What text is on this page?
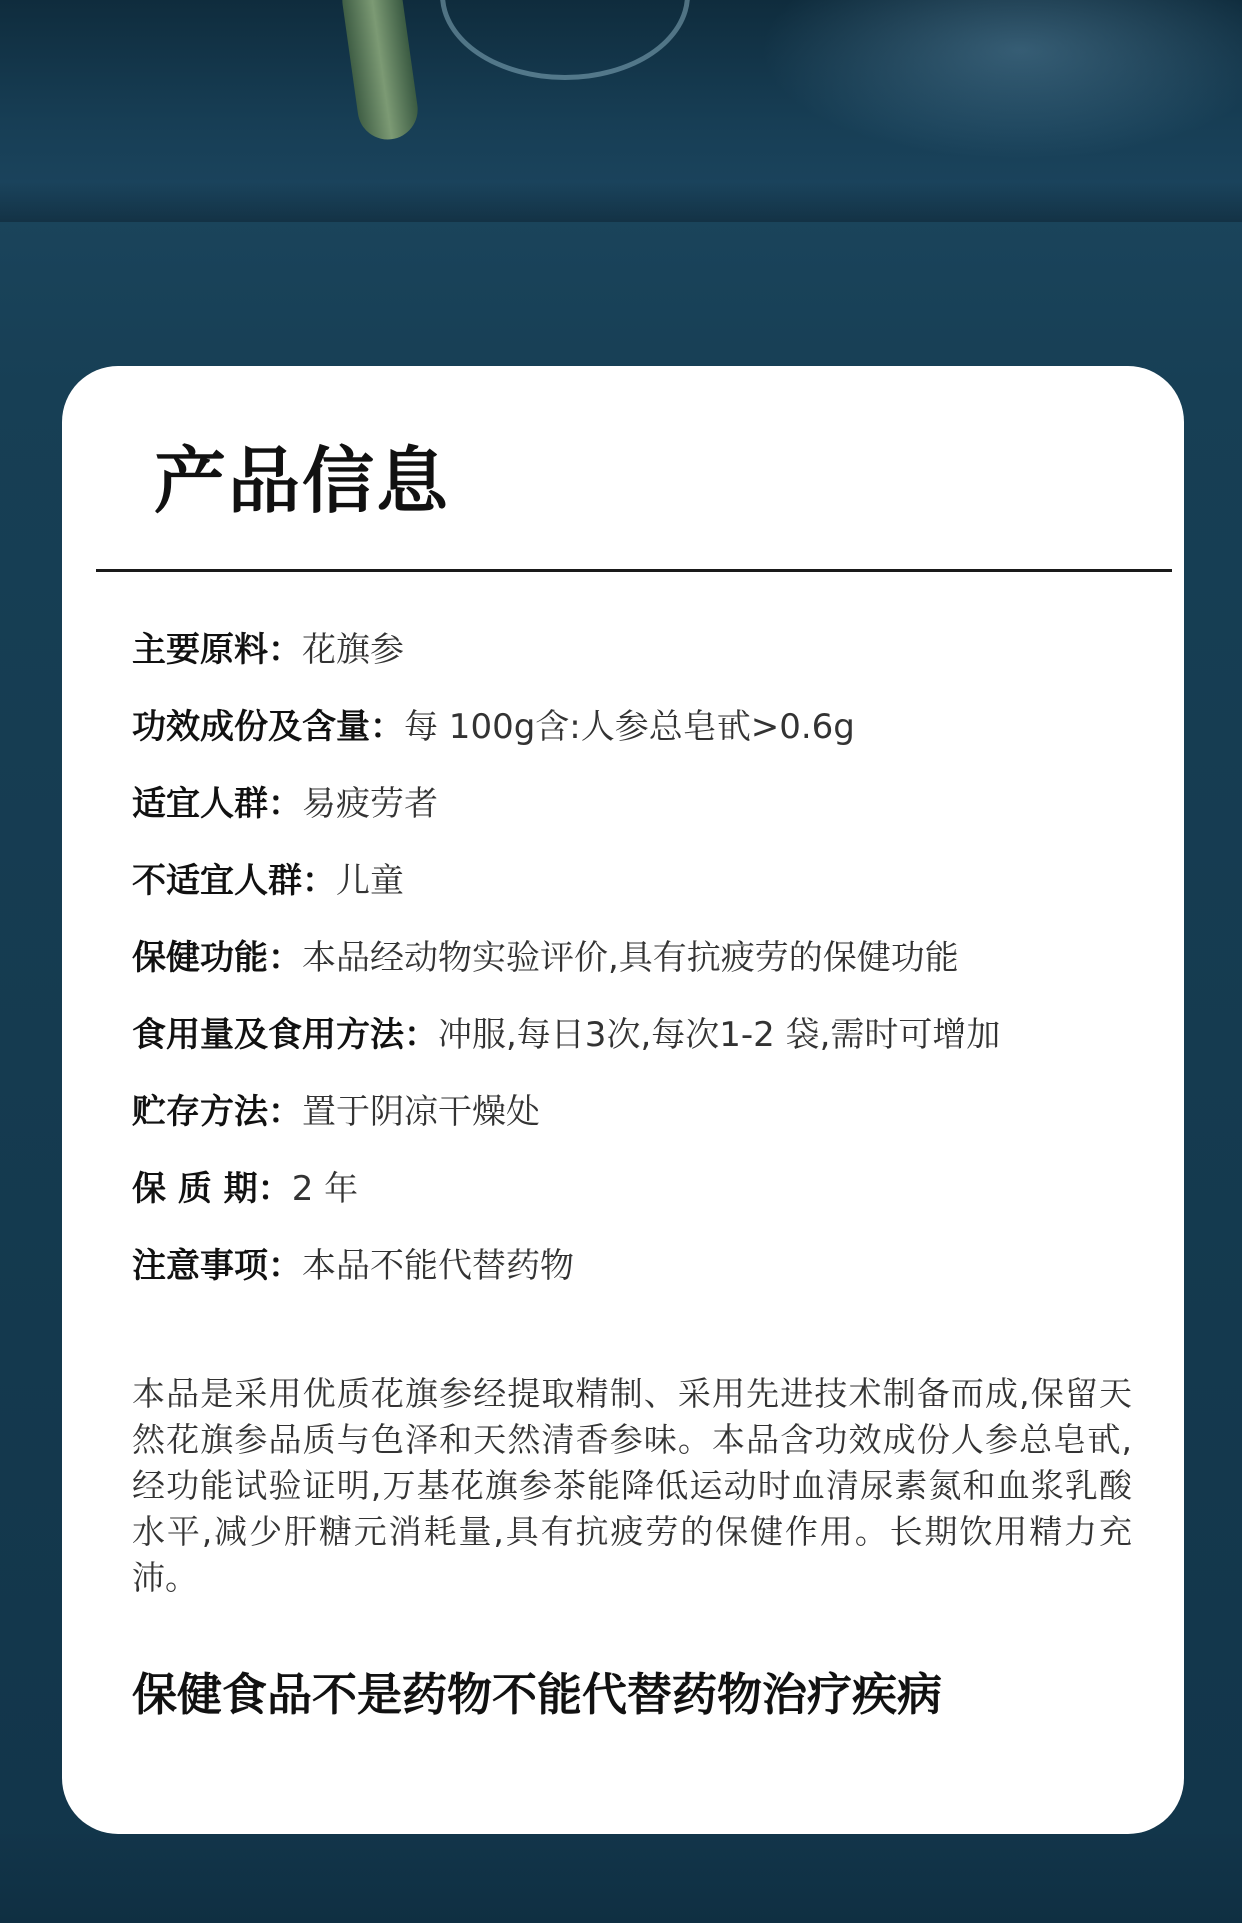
产品信息
主要原料：花旗参
功效成份及含量：每 100g含:人参总皂甙>0.6g
适宜人群：易疲劳者
不适宜人群：儿童
保健功能：本品经动物实验评价,具有抗疲劳的保健功能
食用量及食用方法：冲服,每日3次,每次1-2 袋,需时可增加
贮存方法：置于阴凉干燥处
保 质 期：2 年
注意事项：本品不能代替药物

本品是采用优质花旗参经提取精制、采用先进技术制备而成,保留天然花旗参品质与色泽和天然清香参味。本品含功效成份人参总皂甙,经功能试验证明,万基花旗参茶能降低运动时血清尿素氮和血浆乳酸水平,减少肝糖元消耗量,具有抗疲劳的保健作用。长期饮用精力充沛。

保健食品不是药物不能代替药物治疗疾病
